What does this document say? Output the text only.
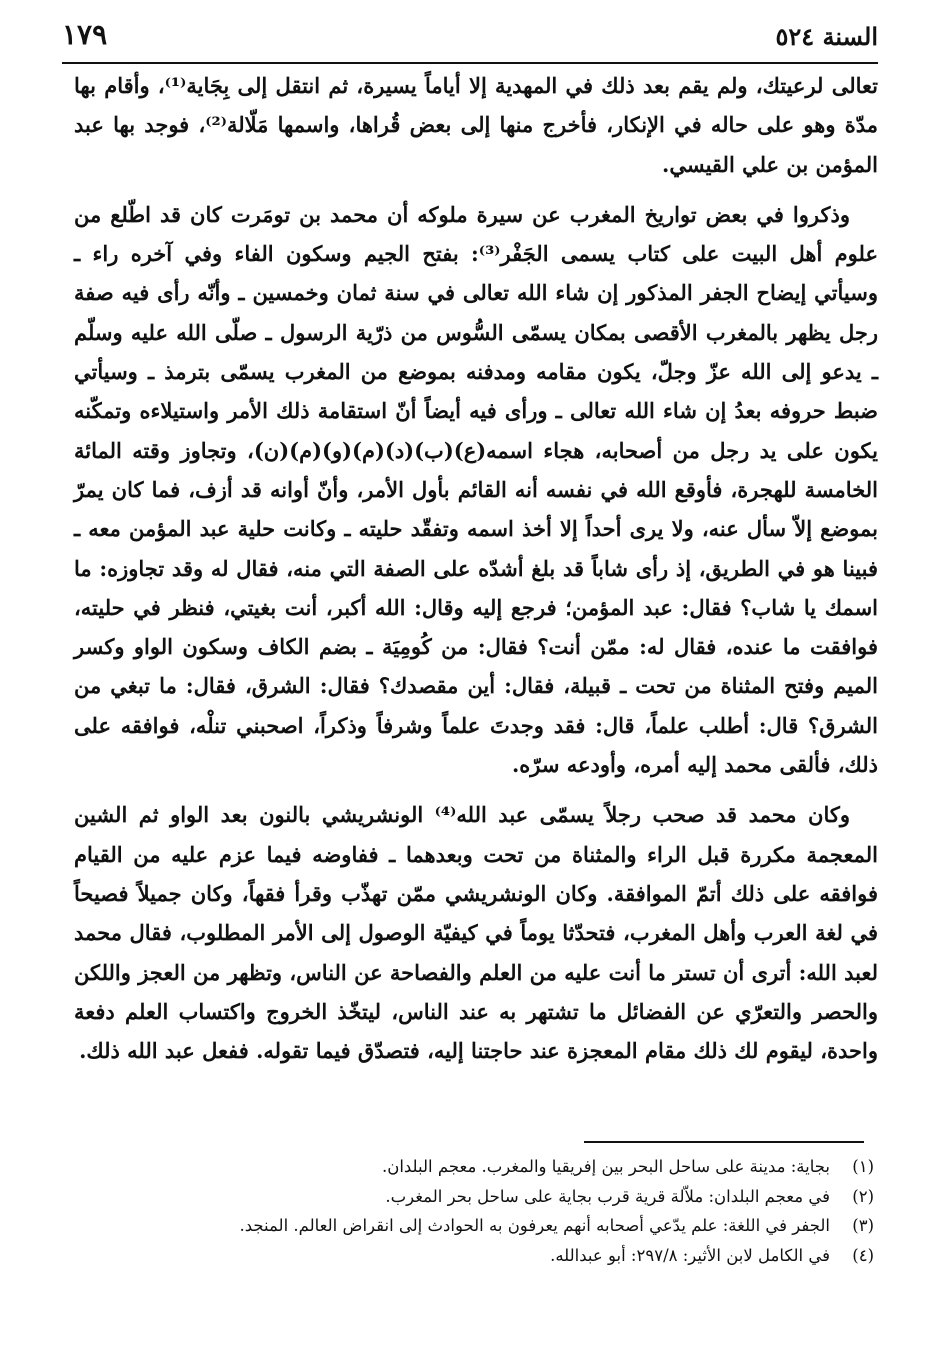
السنة ٥٢٤
١٧٩

تعالى لرعيتك، ولم يقم بعد ذلك في المهدية إلا أياماً يسيرة، ثم انتقل إلى بِجَاية⁽¹⁾، وأقام بها مدّة وهو على حاله في الإنكار، فأخرج منها إلى بعض قُراها، واسمها مَلّالة⁽²⁾، فوجد بها عبد المؤمن بن علي القيسي.

وذكروا في بعض تواريخ المغرب عن سيرة ملوكه أن محمد بن تومَرت كان قد اطّلع من علوم أهل البيت على كتاب يسمى الجَفْر⁽³⁾: بفتح الجيم وسكون الفاء وفي آخره راء ـ وسيأتي إيضاح الجفر المذكور إن شاء الله تعالى في سنة ثمان وخمسين ـ وأنّه رأى فيه صفة رجل يظهر بالمغرب الأقصى بمكان يسمّى السُّوس من ذرّية الرسول ـ صلّى الله عليه وسلّم ـ يدعو إلى الله عزّ وجلّ، يكون مقامه ومدفنه بموضع من المغرب يسمّى بترمذ ـ وسيأتي ضبط حروفه بعدُ إن شاء الله تعالى ـ ورأى فيه أيضاً أنّ استقامة ذلك الأمر واستيلاءه وتمكّنه يكون على يد رجل من أصحابه، هجاء اسمه(ع)(ب)(د)(م)(و)(م)(ن)، وتجاوز وقته المائة الخامسة للهجرة، فأوقع الله في نفسه أنه القائم بأول الأمر، وأنّ أوانه قد أزف، فما كان يمرّ بموضع إلاّ سأل عنه، ولا يرى أحداً إلا أخذ اسمه وتفقّد حليته ـ وكانت حلية عبد المؤمن معه ـ فبينا هو في الطريق، إذ رأى شاباً قد بلغ أشدّه على الصفة التي منه، فقال له وقد تجاوزه: ما اسمك يا شاب؟ فقال: عبد المؤمن؛ فرجع إليه وقال: الله أكبر، أنت بغيتي، فنظر في حليته، فوافقت ما عنده، فقال له: ممّن أنت؟ فقال: من كُومِيَة ـ بضم الكاف وسكون الواو وكسر الميم وفتح المثناة من تحت ـ قبيلة، فقال: أين مقصدك؟ فقال: الشرق، فقال: ما تبغي من الشرق؟ قال: أطلب علماً، قال: فقد وجدتَ علماً وشرفاً وذكراً، اصحبني تنلْه، فوافقه على ذلك، فألقى محمد إليه أمره، وأودعه سرّه.

وكان محمد قد صحب رجلاً يسمّى عبد الله⁽⁴⁾ الونشريشي بالنون بعد الواو ثم الشين المعجمة مكررة قبل الراء والمثناة من تحت وبعدهما ـ ففاوضه فيما عزم عليه من القيام فوافقه على ذلك أتمّ الموافقة. وكان الونشريشي ممّن تهذّب وقرأ فقهاً، وكان جميلاً فصيحاً في لغة العرب وأهل المغرب، فتحدّثا يوماً في كيفيّة الوصول إلى الأمر المطلوب، فقال محمد لعبد الله: أترى أن تستر ما أنت عليه من العلم والفصاحة عن الناس، وتظهر من العجز واللكن والحصر والتعرّي عن الفضائل ما تشتهر به عند الناس، ليتخّذ الخروج واكتساب العلم دفعة واحدة، ليقوم لك ذلك مقام المعجزة عند حاجتنا إليه، فتصدّق فيما تقوله. ففعل عبد الله ذلك.

(١)
بجاية: مدينة على ساحل البحر بين إفريقيا والمغرب. معجم البلدان.
(٢)
في معجم البلدان: ملاّلة قرية قرب بجاية على ساحل بحر المغرب.
(٣)
الجفر في اللغة: علم يدّعي أصحابه أنهم يعرفون به الحوادث إلى انقراض العالم. المنجد.
(٤)
في الكامل لابن الأثير: ٢٩٧/٨: أبو عبدالله.
